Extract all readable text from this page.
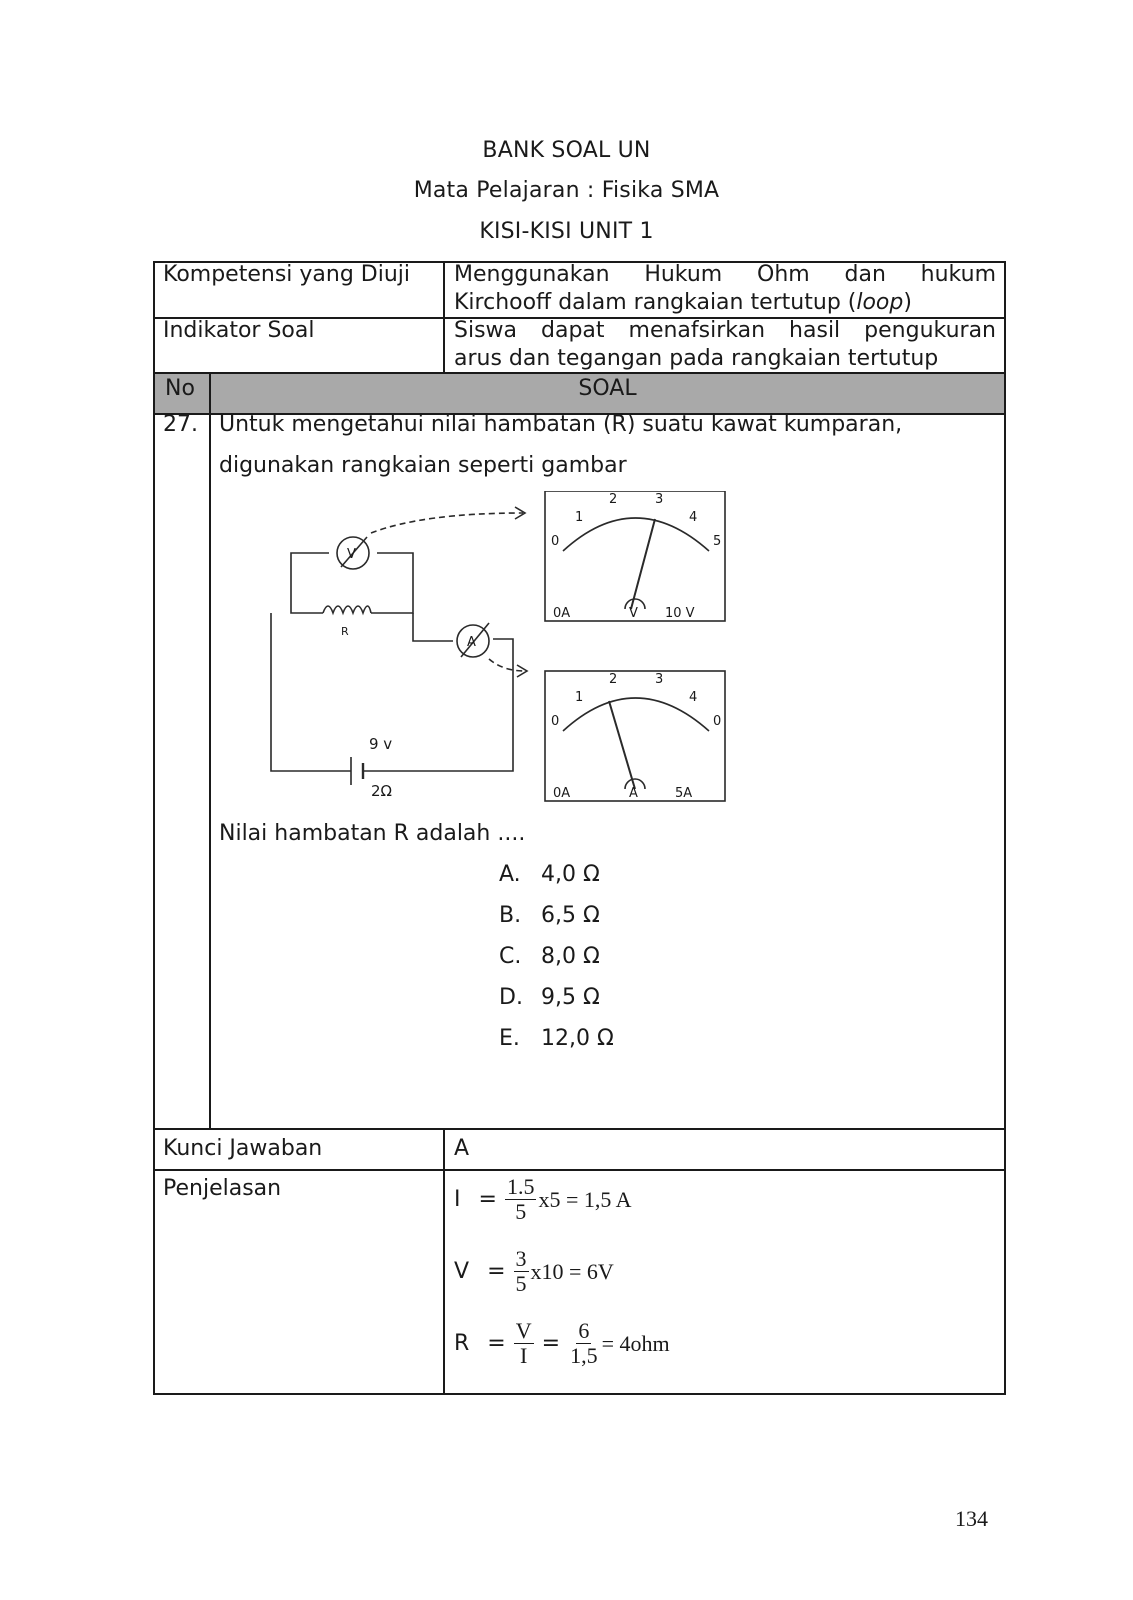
BANK SOAL UN
Mata Pelajaran : Fisika SMA
KISI-KISI UNIT 1
Kompetensi yang Diuji Menggunakan Hukum Ohm dan hukum
Kirchooff dalam rangkaian tertutup (loop)
Indikator Soal	Siswa dapat menafsirkan hasil pengukuran
arus dan tegangan pada rangkaian tertutup
No	SOAL
27. Untuk mengetahui nilai hambatan (R) suatu kawat kumparan,
digunakan rangkaian seperti gambar
V
A
R
9 v
2Ω
0
1
2	3
4
5
0A	V 10 V
0
1
2	3
4
0
0A	A	5A
Nilai hambatan R adalah ....
A. 4,0 Ω
B. 6,5 Ω
C. 8,0 Ω
D. 9,5 Ω
E. 12,0 Ω
Kunci Jawaban	A
Penjelasan	$I = \frac{1.5}{5} x5 = 1,5$ A
$V = \frac{3}{5} x10 = 6V$
$R = \frac{V}{I} = \frac{6}{1,5} = 4ohm$
134
